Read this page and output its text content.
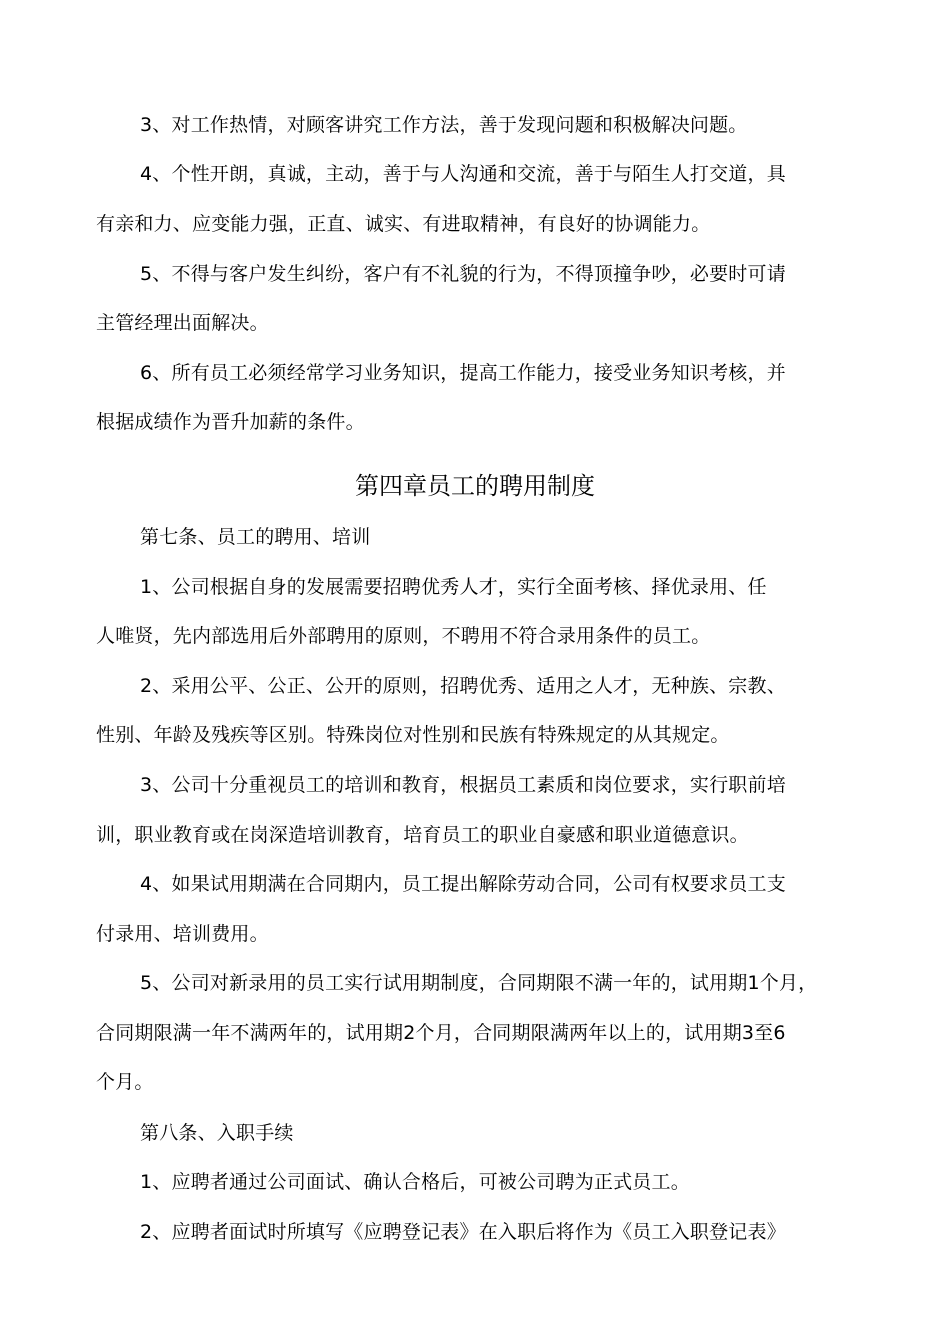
3、对工作热情，对顾客讲究工作方法，善于发现问题和积极解决问题。
4、个性开朗，真诚，主动，善于与人沟通和交流，善于与陌生人打交道，具
有亲和力、应变能力强，正直、诚实、有进取精神，有良好的协调能力。
5、不得与客户发生纠纷，客户有不礼貌的行为，不得顶撞争吵，必要时可请
主管经理出面解决。
6、所有员工必须经常学习业务知识，提高工作能力，接受业务知识考核，并
根据成绩作为晋升加薪的条件。
第四章员工的聘用制度
第七条、员工的聘用、培训
1、公司根据自身的发展需要招聘优秀人才，实行全面考核、择优录用、任
人唯贤，先内部选用后外部聘用的原则，不聘用不符合录用条件的员工。
2、采用公平、公正、公开的原则，招聘优秀、适用之人才，无种族、宗教、
性别、年龄及残疾等区别。特殊岗位对性别和民族有特殊规定的从其规定。
3、公司十分重视员工的培训和教育，根据员工素质和岗位要求，实行职前培
训，职业教育或在岗深造培训教育，培育员工的职业自豪感和职业道德意识。
4、如果试用期满在合同期内，员工提出解除劳动合同，公司有权要求员工支
付录用、培训费用。
5、公司对新录用的员工实行试用期制度，合同期限不满一年的，试用期1个月，
合同期限满一年不满两年的，试用期2个月，合同期限满两年以上的，试用期3至6
个月。
第八条、入职手续
1、应聘者通过公司面试、确认合格后，可被公司聘为正式员工。
2、应聘者面试时所填写《应聘登记表》在入职后将作为《员工入职登记表》
